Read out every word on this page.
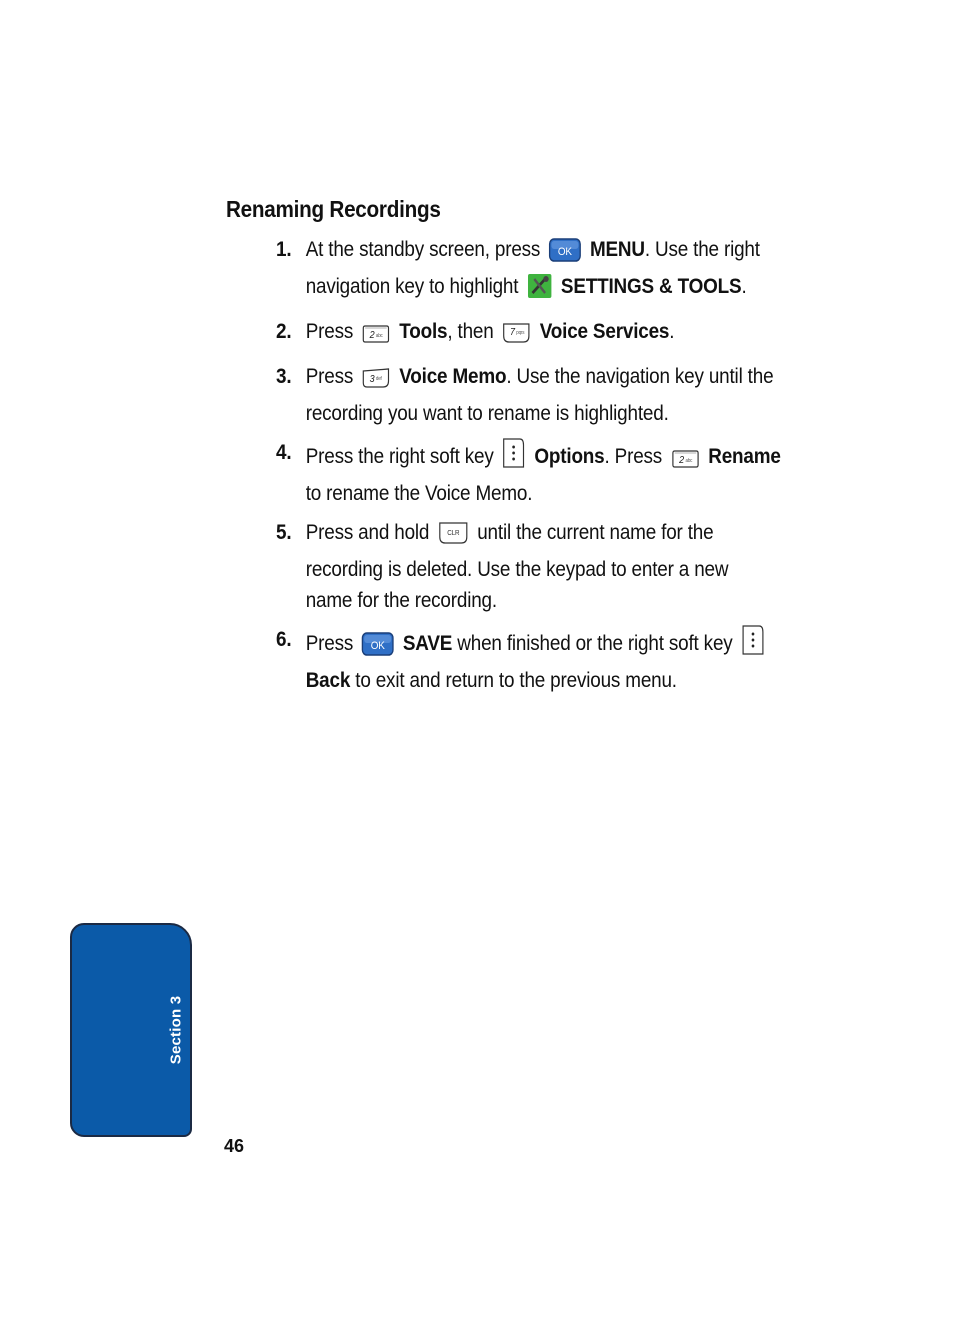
Renaming Recordings
1. At the standby screen, press OK MENU. Use the right
navigation key to highlight SETTINGS & TOOLS.
2. Press 2 abc Tools, then 7 pqrs Voice Services.
3. Press 3 def Voice Memo. Use the navigation key until the
recording you want to rename is highlighted.
4. Press the right soft key Options. Press 2 abc Rename
to rename the Voice Memo.
5. Press and hold	CLR until the current name for the
recording is deleted. Use the keypad to enter a new
name for the recording.
6. Press OK SAVE when finished or the right soft key
Back to exit and return to the previous menu.
Section 3
46
